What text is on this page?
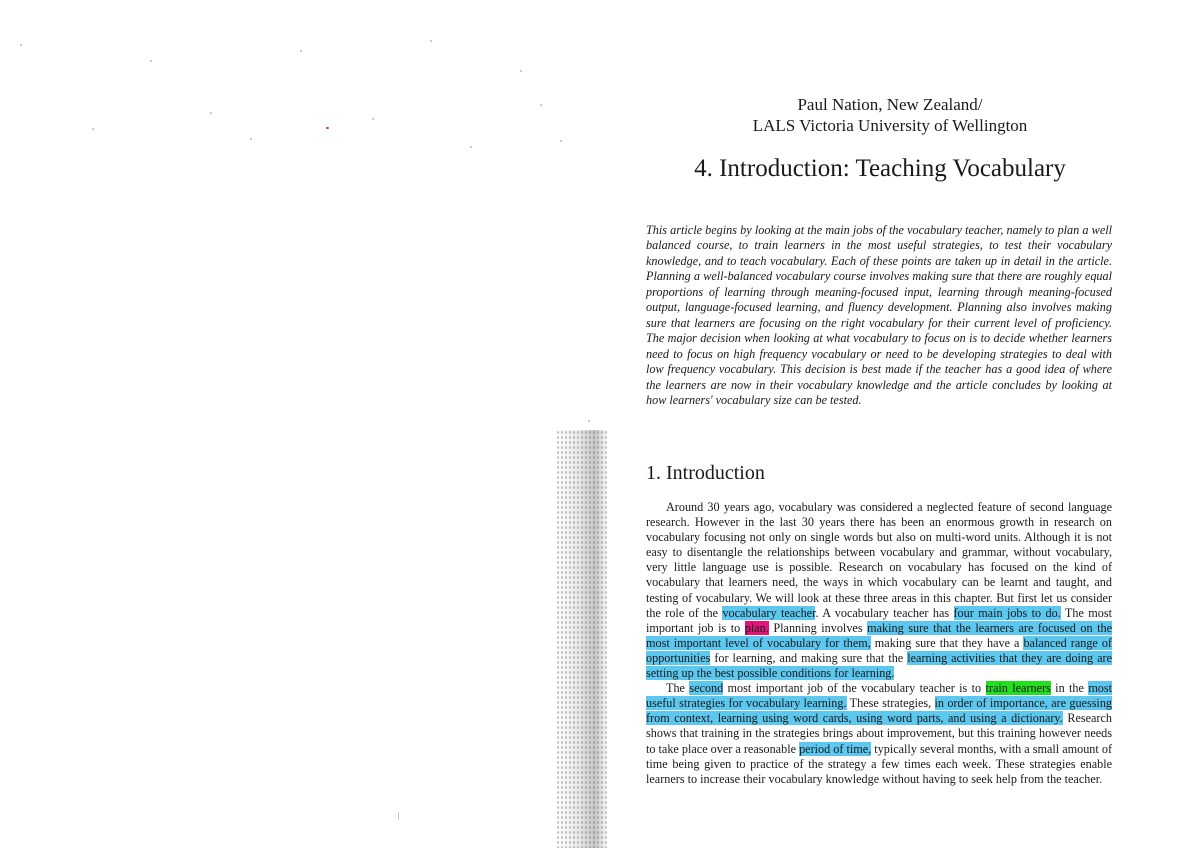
Paul Nation, New Zealand/
LALS Victoria University of Wellington
4. Introduction: Teaching Vocabulary

This article begins by looking at the main jobs of the vocabulary teacher, namely to plan a well balanced course, to train learners in the most useful strategies, to test their vocabulary knowledge, and to teach vocabulary. Each of these points are taken up in detail in the article. Planning a well-balanced vocabulary course involves making sure that there are roughly equal proportions of learning through meaning-focused input, learning through meaning-focused output, language-focused learning, and fluency development. Planning also involves making sure that learners are focusing on the right vocabulary for their current level of proficiency. The major decision when looking at what vocabulary to focus on is to decide whether learners need to focus on high frequency vocabulary or need to be developing strategies to deal with low frequency vocabulary. This decision is best made if the teacher has a good idea of where the learners are now in their vocabulary knowledge and the article concludes by looking at how learners' vocabulary size can be tested.

1. Introduction

Around 30 years ago, vocabulary was considered a neglected feature of second language research. However in the last 30 years there has been an enormous growth in research on vocabulary focusing not only on single words but also on multi-word units. Although it is not easy to disentangle the relationships between vocabulary and grammar, without vocabulary, very little language use is possible. Research on vocabulary has focused on the kind of vocabulary that learners need, the ways in which vocabulary can be learnt and taught, and testing of vocabulary. We will look at these three areas in this chapter. But first let us consider the role of the vocabulary teacher. A vocabulary teacher has four main jobs to do. The most important job is to plan. Planning involves making sure that the learners are focused on the most important level of vocabulary for them, making sure that they have a balanced range of opportunities for learning, and making sure that the learning activities that they are doing are setting up the best possible conditions for learning.

The second most important job of the vocabulary teacher is to train learners in the most useful strategies for vocabulary learning. These strategies, in order of importance, are guessing from context, learning using word cards, using word parts, and using a dictionary. Research shows that training in the strategies brings about improvement, but this training however needs to take place over a reasonable period of time, typically several months, with a small amount of time being given to practice of the strategy a few times each week. These strategies enable learners to increase their vocabulary knowledge without having to seek help from the teacher.
